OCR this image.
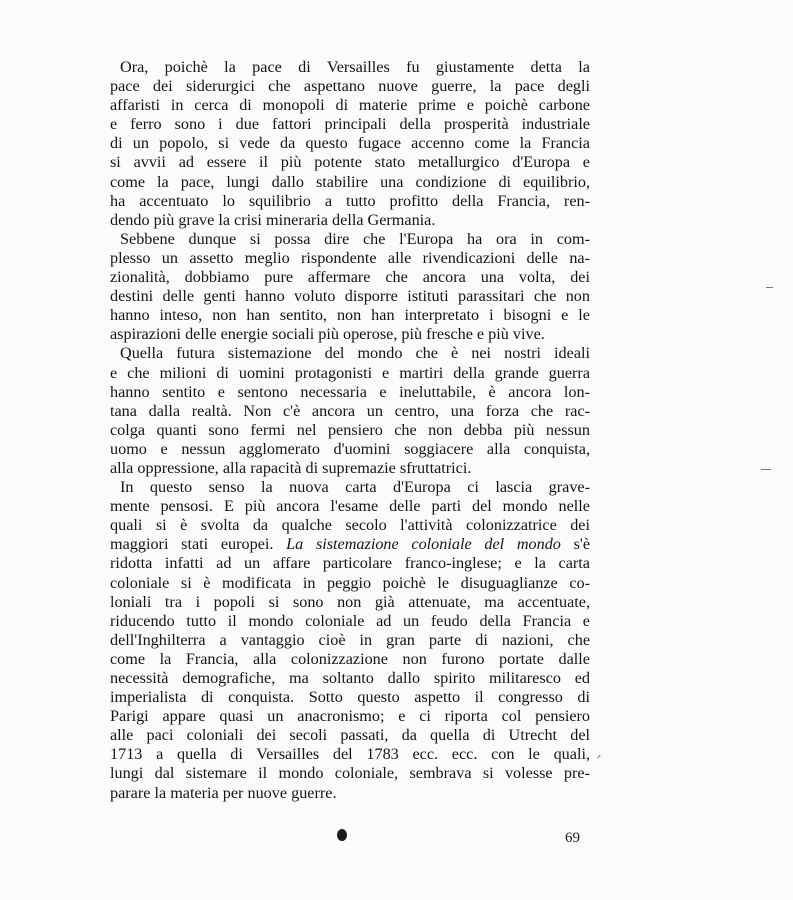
Ora, poichè la pace di Versailles fu giustamente detta la
pace dei siderurgici che aspettano nuove guerre, la pace degli
affaristi in cerca di monopoli di materie prime e poichè carbone
e ferro sono i due fattori principali della prosperità industriale
di un popolo, si vede da questo fugace accenno come la Francia
si avvii ad essere il più potente stato metallurgico d'Europa e
come la pace, lungi dallo stabilire una condizione di equilibrio,
ha accentuato lo squilibrio a tutto profitto della Francia, ren-
dendo più grave la crisi mineraria della Germania.

Sebbene dunque si possa dire che l'Europa ha ora in com-
plesso un assetto meglio rispondente alle rivendicazioni delle na-
zionalità, dobbiamo pure affermare che ancora una volta, dei
destini delle genti hanno voluto disporre istituti parassitari che non
hanno inteso, non han sentito, non han interpretato i bisogni e le
aspirazioni delle energie sociali più operose, più fresche e più vive.

Quella futura sistemazione del mondo che è nei nostri ideali
e che milioni di uomini protagonisti e martiri della grande guerra
hanno sentito e sentono necessaria e ineluttabile, è ancora lon-
tana dalla realtà. Non c'è ancora un centro, una forza che rac-
colga quanti sono fermi nel pensiero che non debba più nessun
uomo e nessun agglomerato d'uomini soggiacere alla conquista,
alla oppressione, alla rapacità di supremazie sfruttatrici.

In questo senso la nuova carta d'Europa ci lascia grave-
mente pensosi. E più ancora l'esame delle parti del mondo nelle
quali si è svolta da qualche secolo l'attività colonizzatrice dei
maggiori stati europei. La sistemazione coloniale del mondo s'è
ridotta infatti ad un affare particolare franco-inglese; e la carta
coloniale si è modificata in peggio poichè le disuguaglianze co-
loniali tra i popoli si sono non già attenuate, ma accentuate,
riducendo tutto il mondo coloniale ad un feudo della Francia e
dell'Inghilterra a vantaggio cioè in gran parte di nazioni, che
come la Francia, alla colonizzazione non furono portate dalle
necessità demografiche, ma soltanto dallo spirito militaresco ed
imperialista di conquista. Sotto questo aspetto il congresso di
Parigi appare quasi un anacronismo; e ci riporta col pensiero
alle paci coloniali dei secoli passati, da quella di Utrecht del
1713 a quella di Versailles del 1783 ecc. ecc. con le quali,
lungi dal sistemare il mondo coloniale, sembrava si volesse pre-
parare la materia per nuove guerre.

69
